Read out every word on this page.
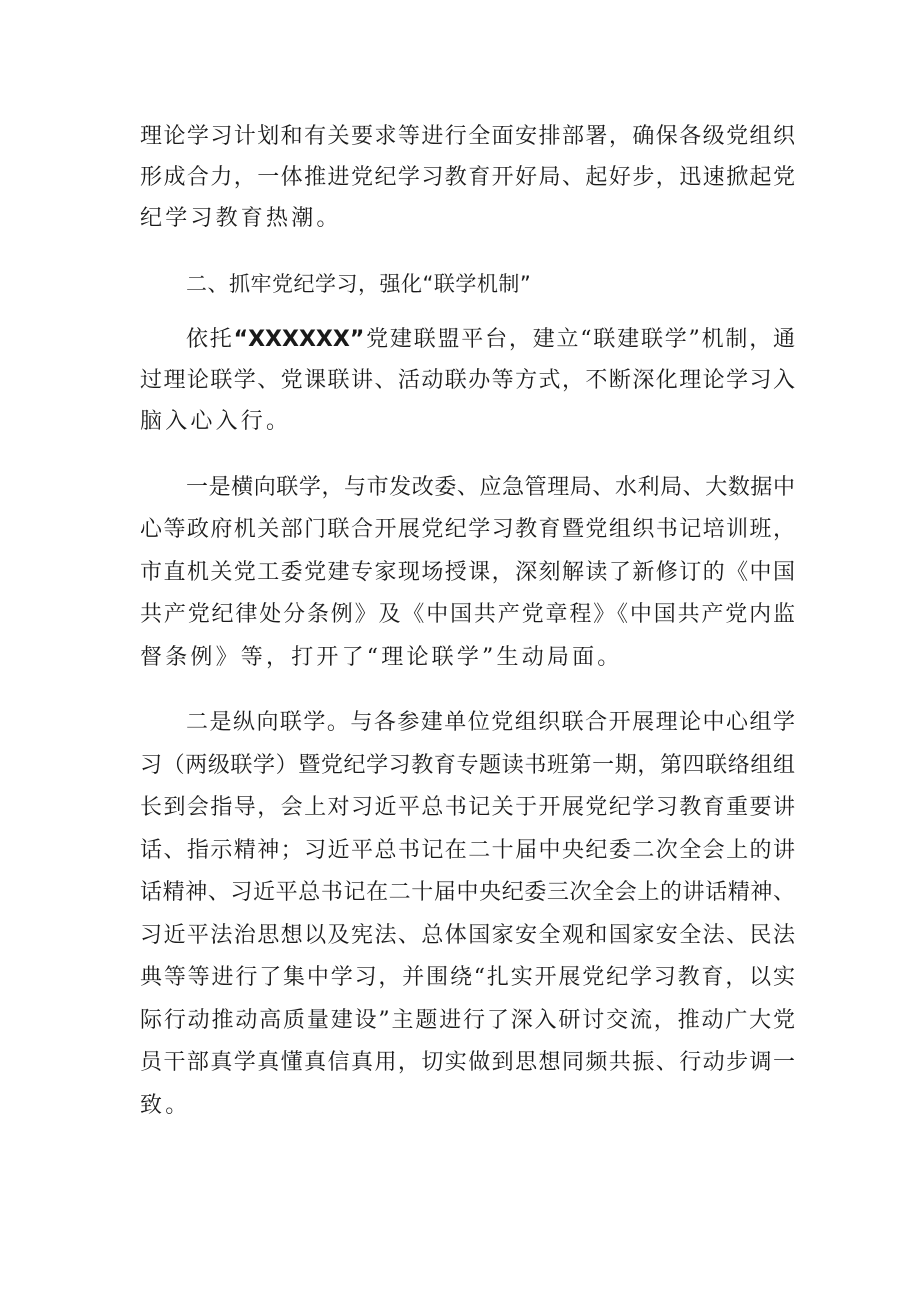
理论学习计划和有关要求等进行全面安排部署，确保各级党组织
形成合力，一体推进党纪学习教育开好局、起好步，迅速掀起党
纪学习教育热潮。
二、抓牢党纪学习，强化“联学机制”
依托“XXXXXX”党建联盟平台，建立“联建联学”机制，通
过理论联学、党课联讲、活动联办等方式，不断深化理论学习入
脑入心入行。
一是横向联学，与市发改委、应急管理局、水利局、大数据中
心等政府机关部门联合开展党纪学习教育暨党组织书记培训班，
市直机关党工委党建专家现场授课，深刻解读了新修订的《中国
共产党纪律处分条例》及《中国共产党章程》《中国共产党内监
督条例》等，打开了“理论联学”生动局面。
二是纵向联学。与各参建单位党组织联合开展理论中心组学
习（两级联学）暨党纪学习教育专题读书班第一期，第四联络组组
长到会指导，会上对习近平总书记关于开展党纪学习教育重要讲
话、指示精神；习近平总书记在二十届中央纪委二次全会上的讲
话精神、习近平总书记在二十届中央纪委三次全会上的讲话精神、
习近平法治思想以及宪法、总体国家安全观和国家安全法、民法
典等等进行了集中学习，并围绕“扎实开展党纪学习教育，以实
际行动推动高质量建设”主题进行了深入研讨交流，推动广大党
员干部真学真懂真信真用，切实做到思想同频共振、行动步调一
致。
